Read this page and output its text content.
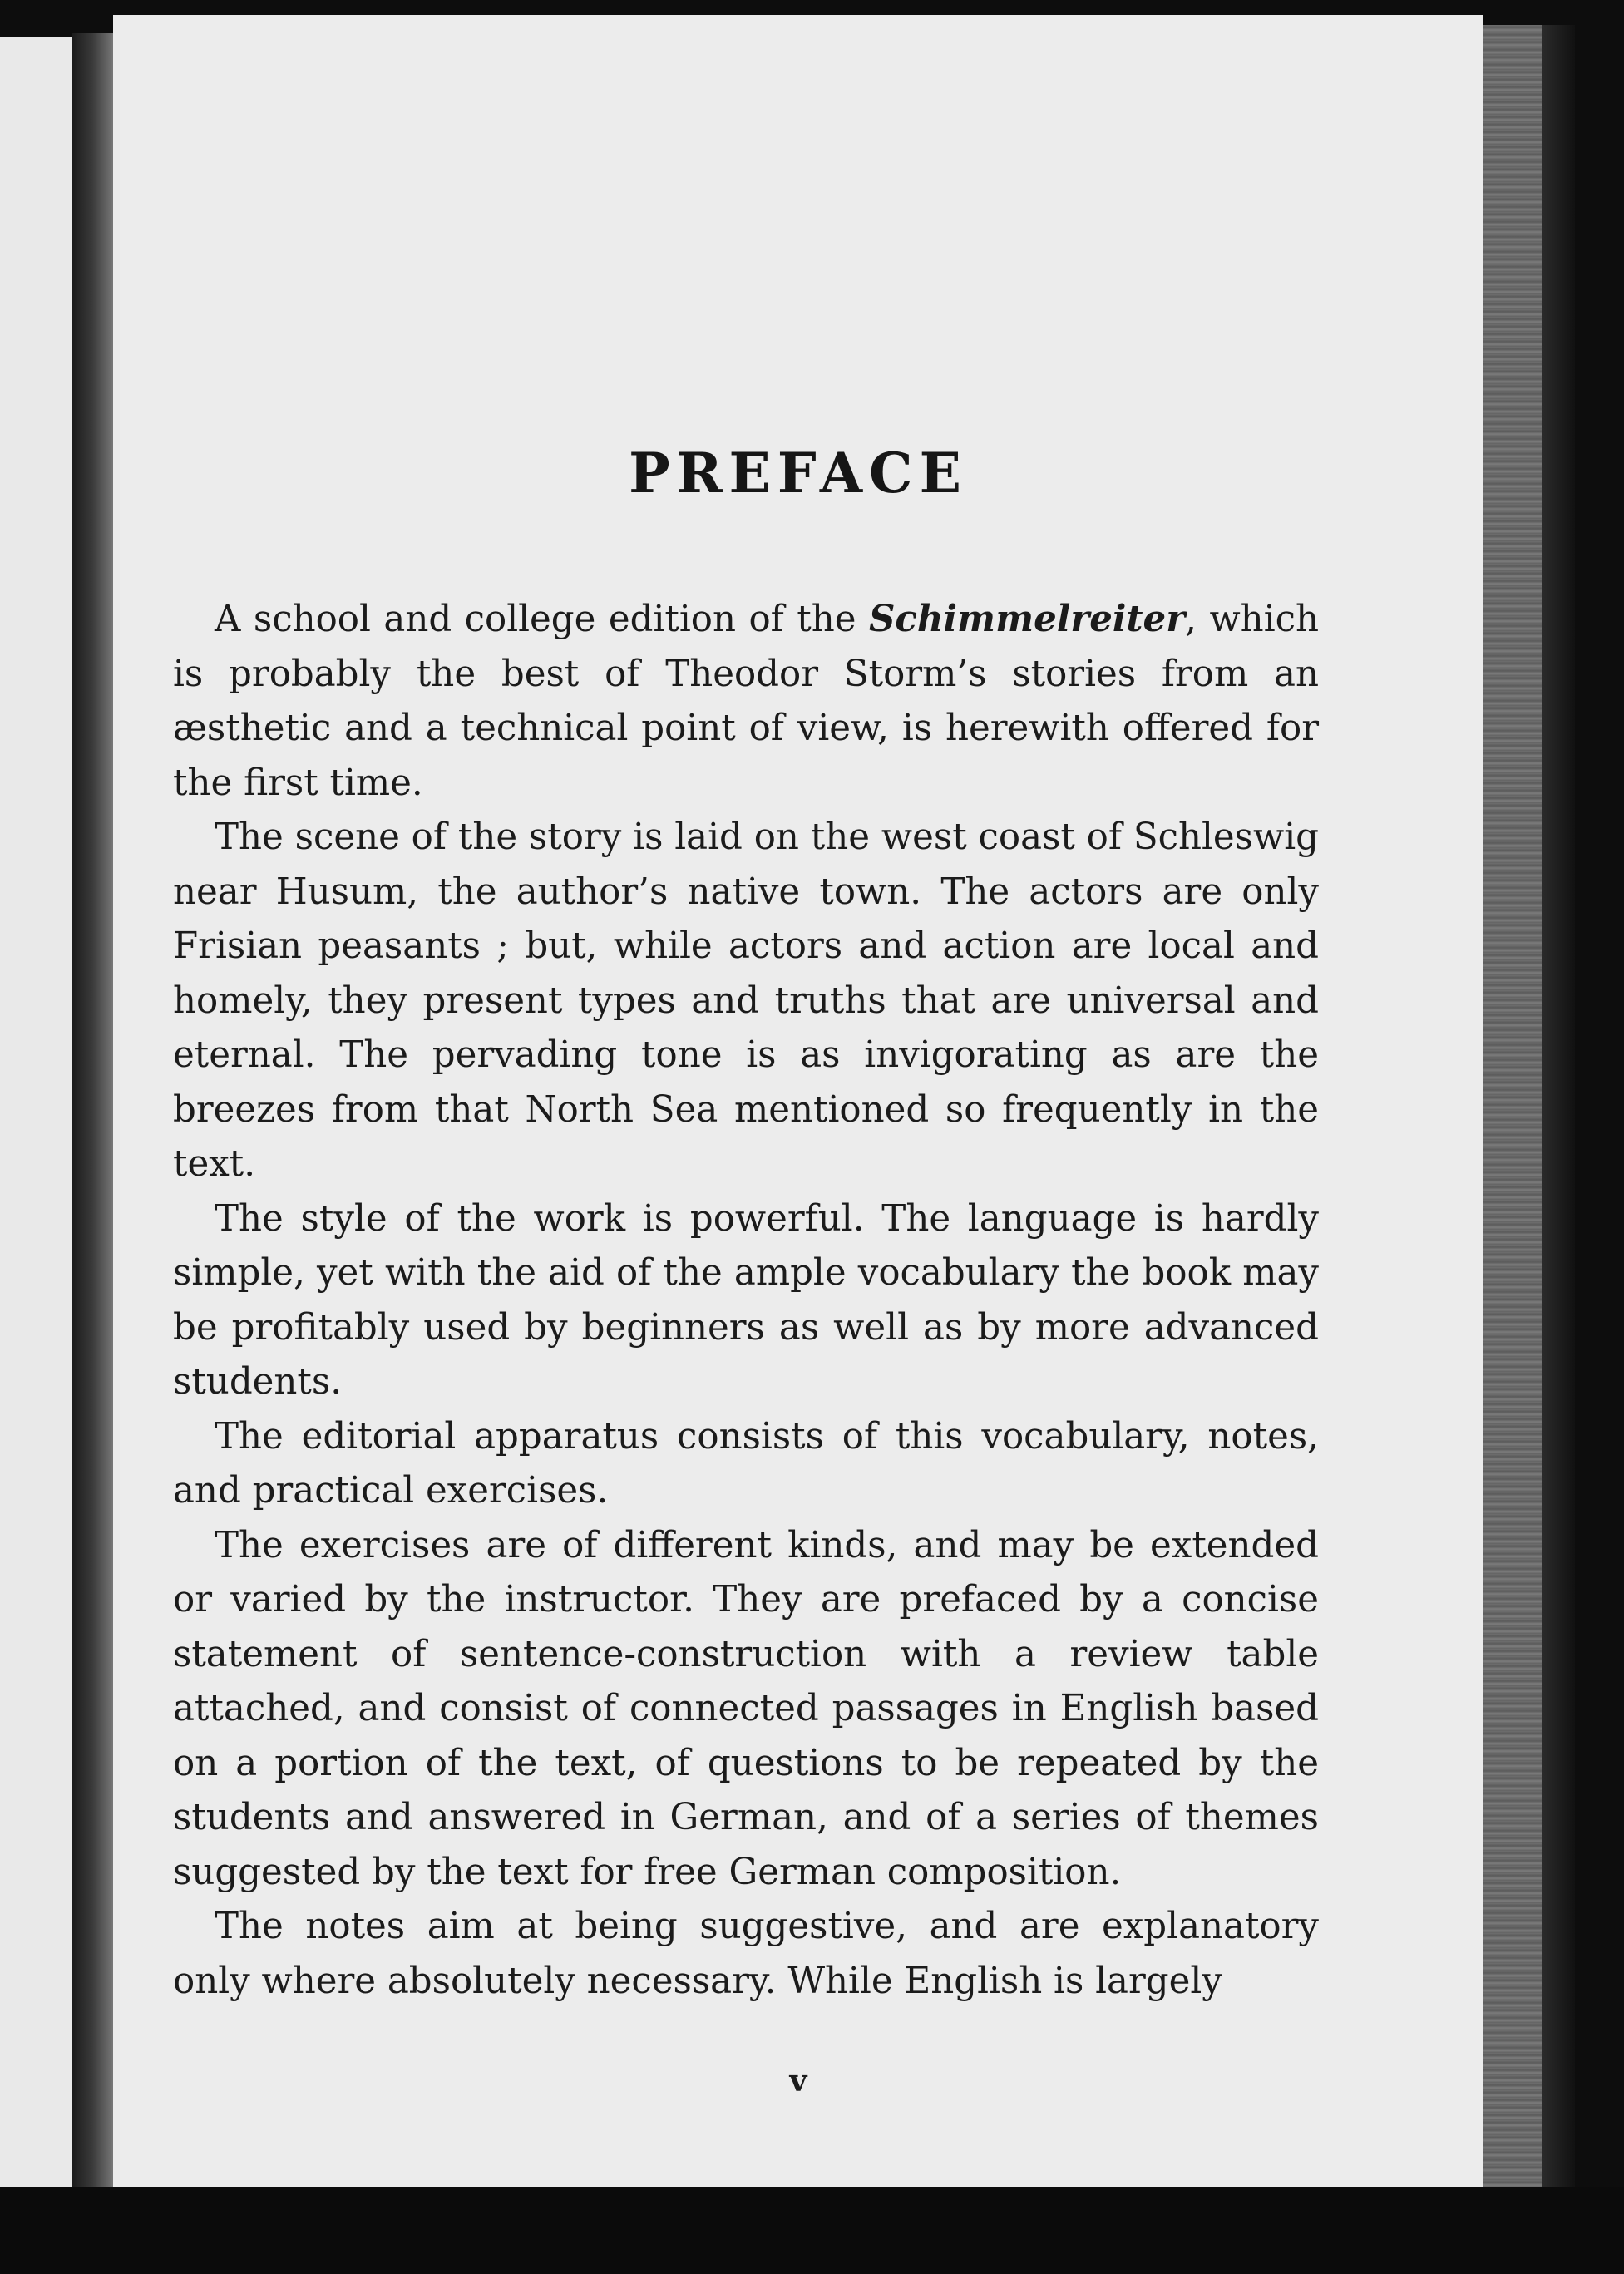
PREFACE

A school and college edition of the Schimmelreiter, which is probably the best of Theodor Storm’s stories from an æsthetic and a technical point of view, is herewith offered for the first time.

The scene of the story is laid on the west coast of Schleswig near Husum, the author’s native town. The actors are only Frisian peasants ; but, while actors and action are local and homely, they present types and truths that are universal and eternal. The pervading tone is as invigorating as are the breezes from that North Sea mentioned so frequently in the text.

The style of the work is powerful. The language is hardly simple, yet with the aid of the ample vocabulary the book may be profitably used by beginners as well as by more advanced students.

The editorial apparatus consists of this vocabulary, notes, and practical exercises.

The exercises are of different kinds, and may be extended or varied by the instructor. They are prefaced by a concise statement of sentence-construction with a review table attached, and consist of connected passages in English based on a portion of the text, of questions to be repeated by the students and answered in German, and of a series of themes suggested by the text for free German composition.

The notes aim at being suggestive, and are explanatory only where absolutely necessary. While English is largely

v
